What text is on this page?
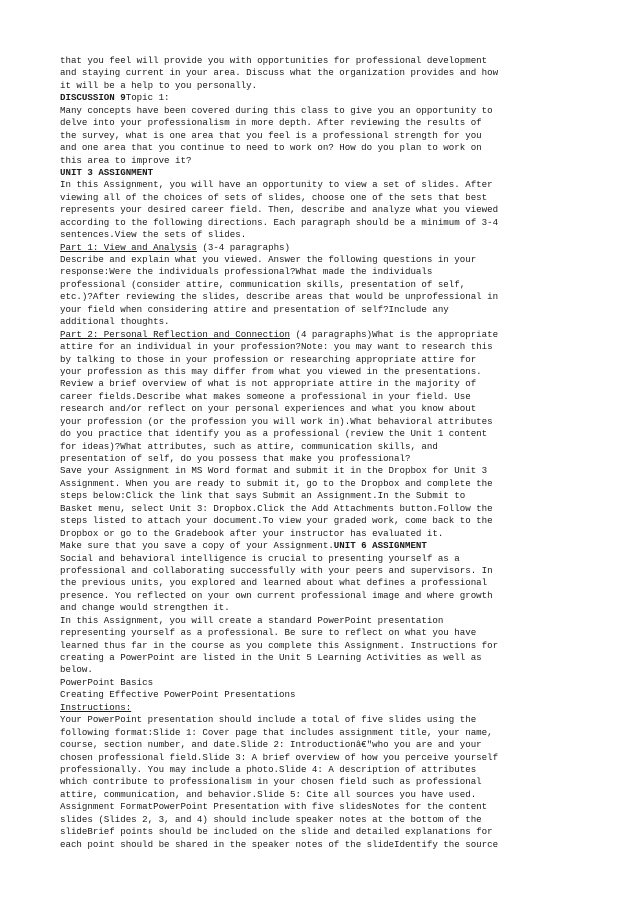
that you feel will provide you with opportunities for professional development
and staying current in your area. Discuss what the organization provides and how
it will be a help to you personally.
DISCUSSION 9Topic 1:
Many concepts have been covered during this class to give you an opportunity to
delve into your professionalism in more depth. After reviewing the results of
the survey, what is one area that you feel is a professional strength for you
and one area that you continue to need to work on? How do you plan to work on
this area to improve it?
UNIT 3 ASSIGNMENT
In this Assignment, you will have an opportunity to view a set of slides. After
viewing all of the choices of sets of slides, choose one of the sets that best
represents your desired career field. Then, describe and analyze what you viewed
according to the following directions. Each paragraph should be a minimum of 3-4
sentences.View the sets of slides.
Part 1: View and Analysis (3-4 paragraphs)
Describe and explain what you viewed. Answer the following questions in your
response:Were the individuals professional?What made the individuals
professional (consider attire, communication skills, presentation of self,
etc.)?After reviewing the slides, describe areas that would be unprofessional in
your field when considering attire and presentation of self?Include any
additional thoughts.
Part 2: Personal Reflection and Connection (4 paragraphs)What is the appropriate
attire for an individual in your profession?Note: you may want to research this
by talking to those in your profession or researching appropriate attire for
your profession as this may differ from what you viewed in the presentations.
Review a brief overview of what is not appropriate attire in the majority of
career fields.Describe what makes someone a professional in your field. Use
research and/or reflect on your personal experiences and what you know about
your profession (or the profession you will work in).What behavioral attributes
do you practice that identify you as a professional (review the Unit 1 content
for ideas)?What attributes, such as attire, communication skills, and
presentation of self, do you possess that make you professional?
Save your Assignment in MS Word format and submit it in the Dropbox for Unit 3
Assignment. When you are ready to submit it, go to the Dropbox and complete the
steps below:Click the link that says Submit an Assignment.In the Submit to
Basket menu, select Unit 3: Dropbox.Click the Add Attachments button.Follow the
steps listed to attach your document.To view your graded work, come back to the
Dropbox or go to the Gradebook after your instructor has evaluated it.
Make sure that you save a copy of your Assignment.UNIT 6 ASSIGNMENT
Social and behavioral intelligence is crucial to presenting yourself as a
professional and collaborating successfully with your peers and supervisors. In
the previous units, you explored and learned about what defines a professional
presence. You reflected on your own current professional image and where growth
and change would strengthen it.
In this Assignment, you will create a standard PowerPoint presentation
representing yourself as a professional. Be sure to reflect on what you have
learned thus far in the course as you complete this Assignment. Instructions for
creating a PowerPoint are listed in the Unit 5 Learning Activities as well as
below.
PowerPoint Basics
Creating Effective PowerPoint Presentations
Instructions:
Your PowerPoint presentation should include a total of five slides using the
following format:Slide 1: Cover page that includes assignment title, your name,
course, section number, and date.Slide 2: Introductionâ€"who you are and your
chosen professional field.Slide 3: A brief overview of how you perceive yourself
professionally. You may include a photo.Slide 4: A description of attributes
which contribute to professionalism in your chosen field such as professional
attire, communication, and behavior.Slide 5: Cite all sources you have used.
Assignment FormatPowerPoint Presentation with five slidesNotes for the content
slides (Slides 2, 3, and 4) should include speaker notes at the bottom of the
slideBrief points should be included on the slide and detailed explanations for
each point should be shared in the speaker notes of the slideIdentify the source
